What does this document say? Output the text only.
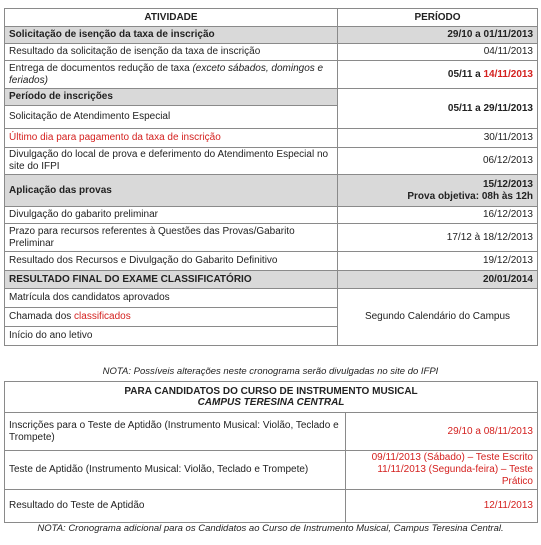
ATIVIDADE	PERÍODO
Solicitação de isenção da taxa de inscrição	29/10 a 01/11/2013
Resultado da solicitação de isenção da taxa de inscrição	04/11/2013
Entrega de documentos redução de taxa (exceto sábados, domingos e feriados)	05/11 a 14/11/2013
Período de inscrições	05/11 a 29/11/2013
Solicitação de Atendimento Especial	
Último dia para pagamento da taxa de inscrição	30/11/2013
Divulgação do local de prova e deferimento do Atendimento Especial no site do IFPI	06/12/2013
Aplicação das provas	15/12/2013
Prova objetiva: 08h às 12h

Divulgação do gabarito preliminar	16/12/2013
Prazo para recursos referentes à Questões das Provas/Gabarito Preliminar	17/12 à 18/12/2013
Resultado dos Recursos e Divulgação do Gabarito Definitivo	19/12/2013
RESULTADO FINAL DO EXAME CLASSIFICATÓRIO	20/01/2014
Matrícula dos candidatos aprovados	Segundo Calendário do Campus
Chamada dos classificados	
Início do ano letivo	
NOTA: Possíveis alterações neste cronograma serão divulgadas no site do IFPI
PARA CANDIDATOS DO CURSO DE INSTRUMENTO MUSICAL
CAMPUS TERESINA CENTRAL	

Inscrições para o Teste de Aptidão (Instrumento Musical: Violão, Teclado e Trompete)	29/10 a 08/11/2013
Teste de Aptidão (Instrumento Musical: Violão, Teclado e Trompete)	09/11/2013 (Sábado) – Teste Escrito
11/11/2013 (Segunda-feira) – Teste Prático

Resultado do Teste de Aptidão	12/11/2013
NOTA: Cronograma adicional para os Candidatos ao Curso de Instrumento Musical, Campus Teresina Central.
